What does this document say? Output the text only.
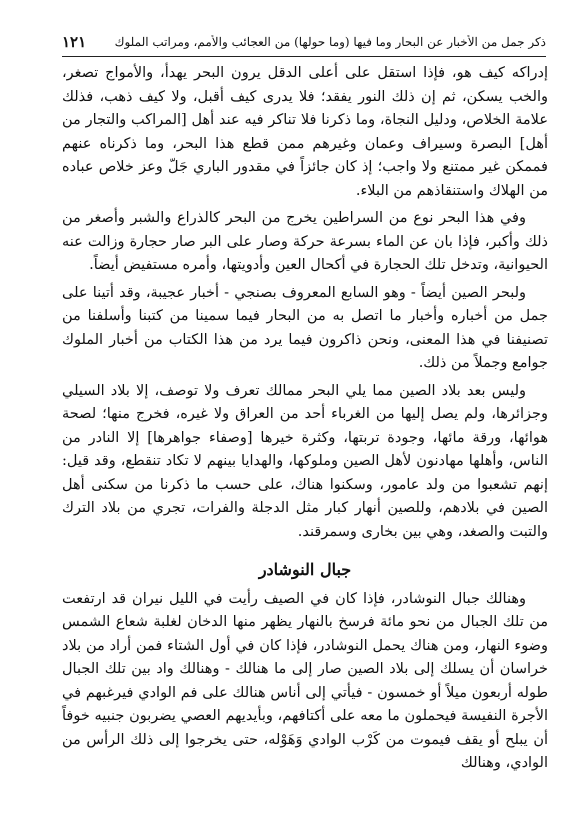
١٢١	ذكر جمل من الأخبار عن البحار وما فيها (وما حولها) من العجائب والأمم، ومراتب الملوك

إدراكه كيف هو، فإذا استقل على أعلى الدقل يرون البحر يهدأ، والأمواج تصغر، والخب يسكن، ثم إن ذلك النور يفقد؛ فلا يدرى كيف أقبل، ولا كيف ذهب، فذلك علامة الخلاص، ودليل النجاة، وما ذكرنا فلا تناكر فيه عند أهل [المراكب والتجار من أهل] البصرة وسيراف وعمان وغيرهم ممن قطع هذا البحر، وما ذكرناه عنهم فممكن غير ممتنع ولا واجب؛ إذ كان جائزاً في مقدور الباري جَلّ وعز خلاص عباده من الهلاك واستنقاذهم من البلاء.

وفي هذا البحر نوع من السراطين يخرج من البحر كالذراع والشبر وأصغر من ذلك وأكبر، فإذا بان عن الماء بسرعة حركة وصار على البر صار حجارة وزالت عنه الحيوانية، وتدخل تلك الحجارة في أكحال العين وأدويتها، وأمره مستفيض أيضاً.

ولبحر الصين أيضاً - وهو السابع المعروف بصنجي - أخبار عجيبة، وقد أتينا على جمل من أخباره وأخبار ما اتصل به من البحار فيما سمينا من كتبنا وأسلفنا من تصنيفنا في هذا المعنى، ونحن ذاكرون فيما يرد من هذا الكتاب من أخبار الملوك جوامع وجملاً من ذلك.

وليس بعد بلاد الصين مما يلي البحر ممالك تعرف ولا توصف، إلا بلاد السيلي وجزائرها، ولم يصل إليها من الغرباء أحد من العراق ولا غيره، فخرج منها؛ لصحة هوائها، ورقة مائها، وجودة تربتها، وكثرة خيرها [وصفاء جواهرها] إلا النادر من الناس، وأهلها مهادنون لأهل الصين وملوكها، والهدايا بينهم لا تكاد تنقطع، وقد قيل: إنهم تشعبوا من ولد عامور، وسكنوا هناك، على حسب ما ذكرنا من سكنى أهل الصين في بلادهم، وللصين أنهار كبار مثل الدجلة والفرات، تجري من بلاد الترك والتبت والصغد، وهي بين بخارى وسمرقند.

جبال النوشادر

وهنالك جبال النوشادر، فإذا كان في الصيف رأيت في الليل نيران قد ارتفعت من تلك الجبال من نحو مائة فرسخ بالنهار يظهر منها الدخان لغلبة شعاع الشمس وضوء النهار، ومن هناك يحمل النوشادر، فإذا كان في أول الشتاء فمن أراد من بلاد خراسان أن يسلك إلى بلاد الصين صار إلى ما هنالك - وهنالك واد بين تلك الجبال طوله أربعون ميلاً أو خمسون - فيأتي إلى أناس هنالك على فم الوادي فيرغبهم في الأجرة النفيسة فيحملون ما معه على أكتافهم، وبأيديهم العصي يضربون جنبيه خوفاً أن يبلح أو يقف فيموت من كَرْب الوادي وَهَوْله، حتى يخرجوا إلى ذلك الرأس من الوادي، وهنالك
